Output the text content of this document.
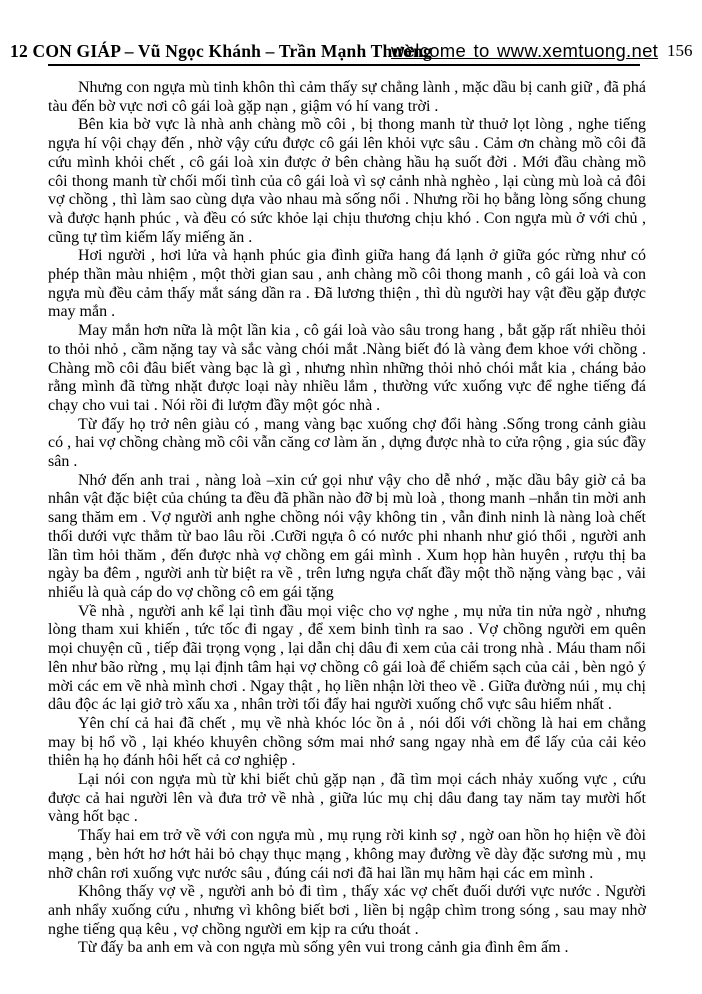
12 CON GIÁP – Vũ Ngọc Khánh – Trần Mạnh Thường
welcome to www.xemtuong.net 156

Nhưng con ngựa mù tinh khôn thì cảm thấy sự chẳng lành , mặc dầu bị canh giữ , đã phá tàu đến bờ vực nơi cô gái loà gặp nạn , giậm vó hí vang trời .

Bên kia bờ vực là nhà anh chàng mồ côi , bị thong manh từ thuở lọt lòng , nghe tiếng ngựa hí vội chạy đến , nhờ vậy cứu được cô gái lên khỏi vực sâu . Cảm ơn chàng mồ côi đã cứu mình khỏi chết , cô gái loà xin được ở bên chàng hầu hạ suốt đời . Mới đầu chàng mồ côi thong manh từ chối mối tình của cô gái loà vì sợ cảnh nhà nghèo , lại cùng mù loà cả đôi vợ chồng , thì làm sao cùng dựa vào nhau mà sống nổi . Nhưng rồi họ bằng lòng sống chung và được hạnh phúc , và đều có sức khỏe lại chịu thương chịu khó . Con ngựa mù ở với chủ , cũng tự tìm kiếm lấy miếng ăn .

Hơi người , hơi lửa và hạnh phúc gia đình giữa hang đá lạnh ở giữa góc rừng như có phép thần màu nhiệm , một thời gian sau , anh chàng mồ côi thong manh , cô gái loà và con ngựa mù đều cảm thấy mắt sáng dần ra . Đã lương thiện , thì dù người hay vật đều gặp được may mắn .

May mắn hơn nữa là một lần kia , cô gái loà vào sâu trong hang , bắt gặp rất nhiều thỏi to thỏi nhỏ , cầm nặng tay và sắc vàng chói mắt .Nàng biết đó là vàng đem khoe với chồng . Chàng mồ côi đâu biết vàng bạc là gì , nhưng nhìn những thỏi nhỏ chói mắt kia , cháng bảo rằng mình đã từng nhặt được loại này nhiều lắm , thường vức xuống vực để nghe tiếng đá chạy cho vui tai . Nói rồi đi lượm đầy một góc nhà .

Từ đấy họ trở nên giàu có , mang vàng bạc xuống chợ đổi hàng .Sống trong cảnh giàu có , hai vợ chồng chàng mồ côi vẫn căng cơ làm ăn , dựng được nhà to cửa rộng , gia súc đầy sân .

Nhớ đến anh trai , nàng loà –xin cứ gọi như vậy cho dễ nhớ , mặc dầu bây giờ cả ba nhân vật đặc biệt của chúng ta đều đã phần nào đỡ bị mù loà , thong manh –nhắn tin mời anh sang thăm em . Vợ người anh nghe chồng nói vậy không tin , vẫn đinh ninh là nàng loà chết thối dưới vực thẳm từ bao lâu rồi .Cưỡi ngựa ô có nước phi nhanh như gió thổi , người anh lần tìm hỏi thăm , đến được nhà vợ chồng em gái mình . Xum họp hàn huyên , rượu thị ba ngày ba đêm , người anh từ biệt ra về , trên lưng ngựa chất đầy một thồ nặng vàng bạc , vải nhiểu là quà cáp do vợ chồng cô em gái tặng

Về nhà , người anh kể lại tình đầu mọi việc cho vợ nghe , mụ nửa tin nửa ngờ , nhưng lòng tham xui khiến , tức tốc đi ngay , để xem binh tình ra sao . Vợ chồng người em quên mọi chuyện cũ , tiếp đãi trọng vọng , lại dẫn chị dâu đi xem của cải trong nhà . Máu tham nổi lên như bão rừng , mụ lại định tâm hại vợ chồng cô gái loà để chiếm sạch của cải , bèn ngỏ ý mời các em về nhà mình chơi . Ngay thật , họ liền nhận lời theo về . Giữa đường núi , mụ chị dâu độc ác lại giở trò xấu xa , nhân trời tối đẩy hai người xuống chổ vực sâu hiểm nhất .

Yên chí cả hai đã chết , mụ về nhà khóc lóc ồn ả , nói dối với chồng là hai em chẳng may bị hổ vồ , lại khéo khuyên chồng sớm mai nhớ sang ngay nhà em để lấy của cải kẻo thiên hạ họ đánh hôi hết cả cơ nghiệp .

Lại nói con ngựa mù từ khi biết chủ gặp nạn , đã tìm mọi cách nhảy xuống vực , cứu được cả hai người lên và đưa trở về nhà , giữa lúc mụ chị dâu đang tay năm tay mười hốt vàng hốt bạc .

Thấy hai em trở về với con ngựa mù , mụ rụng rời kinh sợ , ngờ oan hồn họ hiện về đòi mạng , bèn hớt hơ hớt hải bỏ chạy thục mạng , không may đường về dày đặc sương mù , mụ nhỡ chân rơi xuống vực nước sâu , đúng cái nơi đã hai lần mụ hãm hại các em mình .

Không thấy vợ về , người anh bỏ đi tìm , thấy xác vợ chết đuối dưới vực nước . Người anh nhẩy xuống cứu , nhưng vì không biết bơi , liền bị ngập chìm trong sóng , sau may nhờ nghe tiếng quạ kêu , vợ chồng người em kịp ra cứu thoát .

Từ đấy ba anh em và con ngựa mù sống yên vui trong cảnh gia đình êm ấm .
